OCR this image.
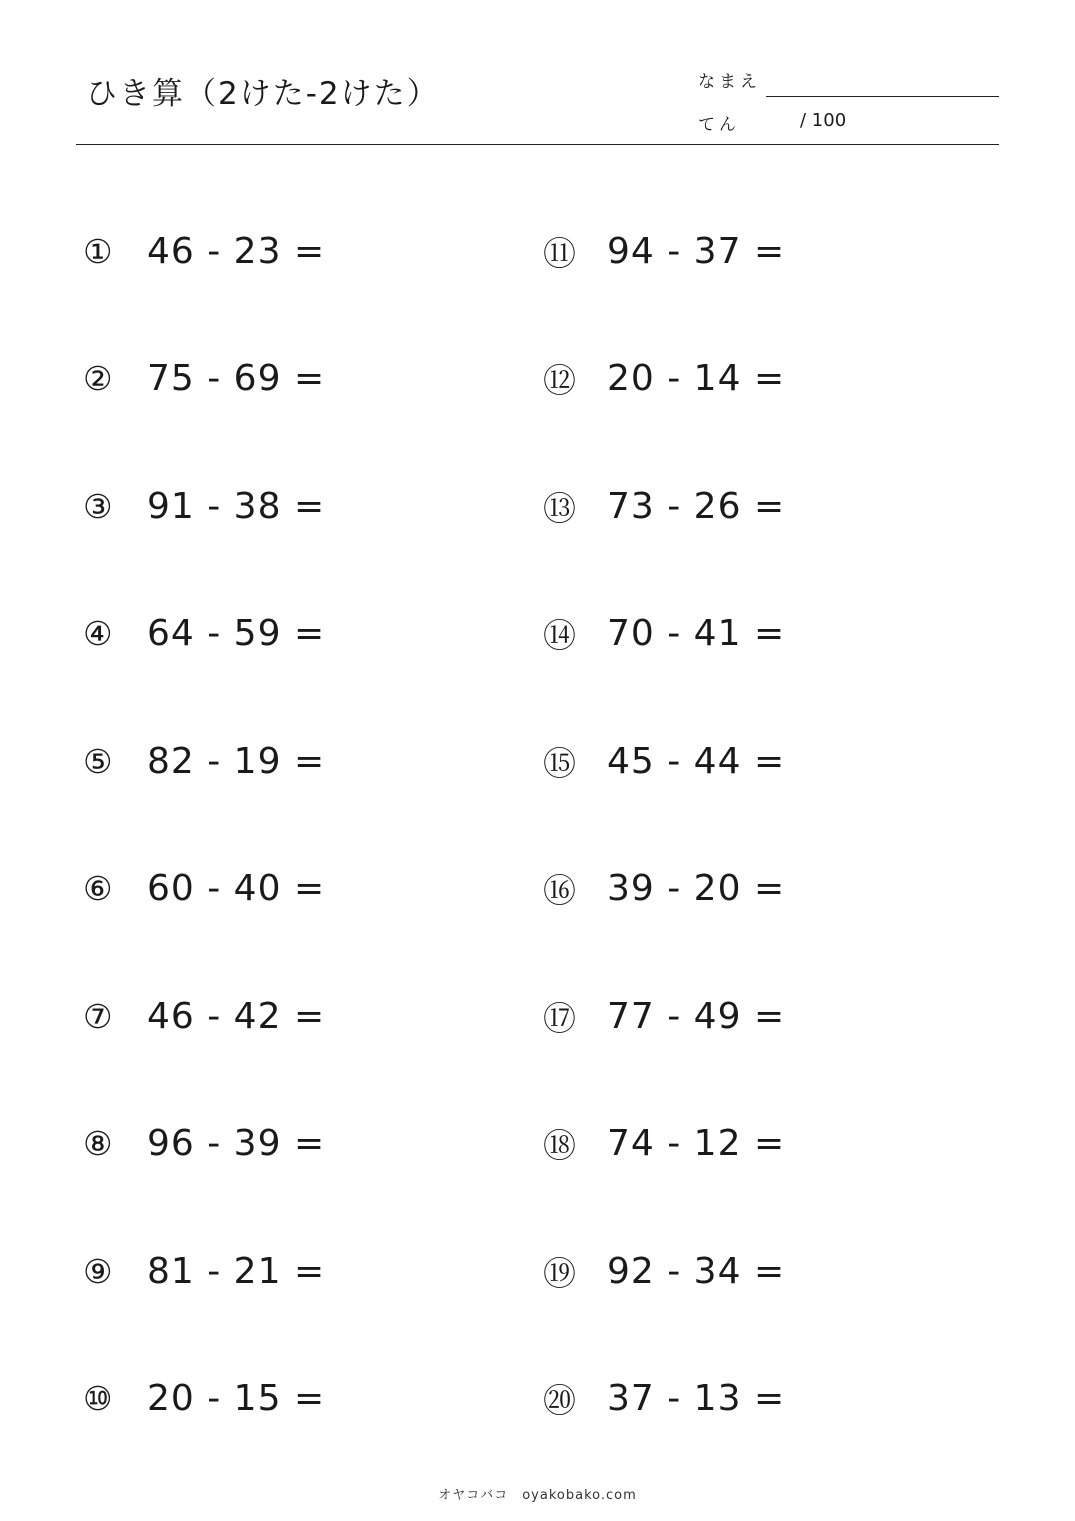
ひき算（2けた-2けた）	なまえ
てん	/ 100
① 46 - 23 =
② 75 - 69 =
③ 91 - 38 =
④ 64 - 59 =
⑤ 82 - 19 =
⑥ 60 - 40 =
⑦ 46 - 42 =
⑧ 96 - 39 =
⑨ 81 - 21 =
⑩ 20 - 15 =
⑪ 94 - 37 =
⑫ 20 - 14 =
⑬ 73 - 26 =
⑭ 70 - 41 =
⑮ 45 - 44 =
⑯ 39 - 20 =
⑰ 77 - 49 =
⑱ 74 - 12 =
⑲ 92 - 34 =
⑳ 37 - 13 =
オヤコバコ　oyakobako.com
